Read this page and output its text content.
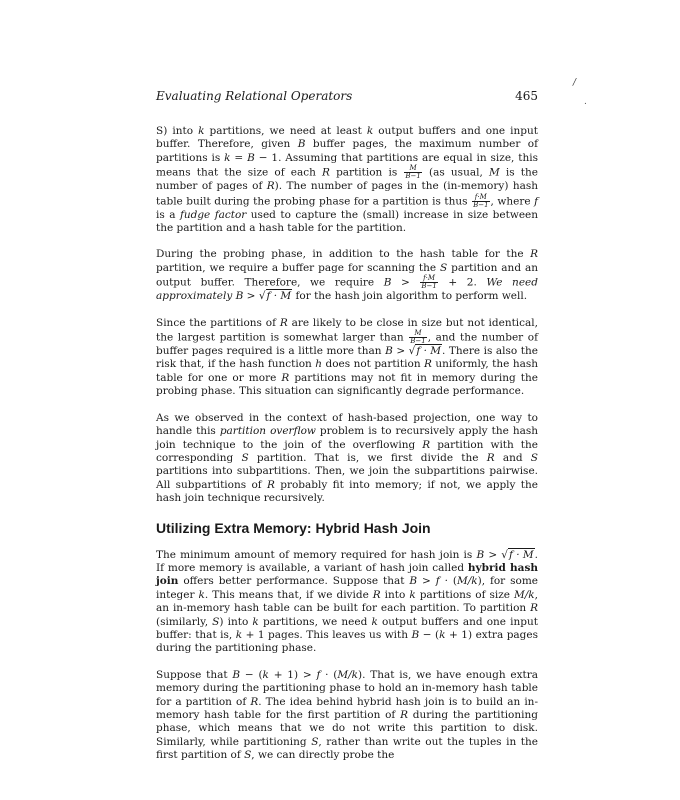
/
.
Evaluating Relational Operators	465

S) into k partitions, we need at least k output buffers and one input buffer. Therefore, given B buffer pages, the maximum number of partitions is k = B − 1. Assuming that partitions are equal in size, this means that the size of each R partition is $\frac{M}{B-1} (as$ usual, M is the number of pages of R). The number of pages in the (in-memory) hash table built during the probing phase for a partition is thus $\frac{f\cdot M}{B-1}$ , where f is a fudge factor used to capture the (small) increase in size between the partition and a hash table for the partition.

During the probing phase, in addition to the hash table for the R partition, we require a buffer page for scanning the S partition and an output buffer. Therefore, we require $B > \frac{f\cdot M}{B-1} + 2$. We need approximately B > √f · M for the hash join algorithm to perform well.

Since the partitions of R are likely to be close in size but not identical, the largest partition is somewhat larger than $\frac{M}{B-1}$ , and the number of buffer pages required is a little more than B > √f · M. There is also the risk that, if the hash function h does not partition R uniformly, the hash table for one or more R partitions may not fit in memory during the probing phase. This situation can significantly degrade performance.

As we observed in the context of hash-based projection, one way to handle this partition overflow problem is to recursively apply the hash join technique to the join of the overflowing R partition with the corresponding S partition. That is, we first divide the R and S partitions into subpartitions. Then, we join the subpartitions pairwise. All subpartitions of R probably fit into memory; if not, we apply the hash join technique recursively.

Utilizing Extra Memory: Hybrid Hash Join

The minimum amount of memory required for hash join is B > √f · M. If more memory is available, a variant of hash join called hybrid hash join offers better performance. Suppose that B > f · (M/k), for some integer k. This means that, if we divide R into k partitions of size M/k, an in-memory hash table can be built for each partition. To partition R (similarly, S) into k partitions, we need k output buffers and one input buffer: that is, k + 1 pages. This leaves us with B − (k + 1) extra pages during the partitioning phase.

Suppose that B − (k + 1) > f · (M/k). That is, we have enough extra memory during the partitioning phase to hold an in-memory hash table for a partition of R. The idea behind hybrid hash join is to build an in-memory hash table for the first partition of R during the partitioning phase, which means that we do not write this partition to disk. Similarly, while partitioning S, rather than write out the tuples in the first partition of S, we can directly probe the
